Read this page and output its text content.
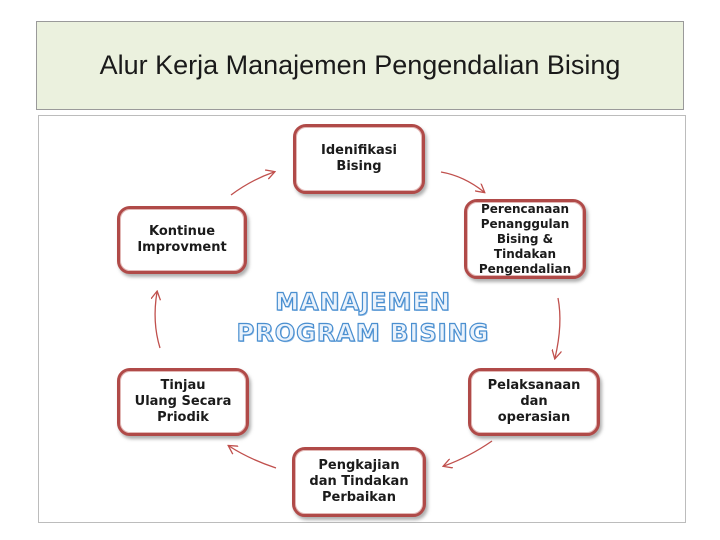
Alur Kerja Manajemen Pengendalian Bising
Idenifikasi
Bising
Perencanaan
Penanggulan
Bising &
Tindakan
Pengendalian
Pelaksanaan
dan
operasian
Pengkajian
dan Tindakan
Perbaikan
Tinjau
Ulang Secara
Priodik
Kontinue
Improvment
MANAJEMEN
PROGRAM BISING
